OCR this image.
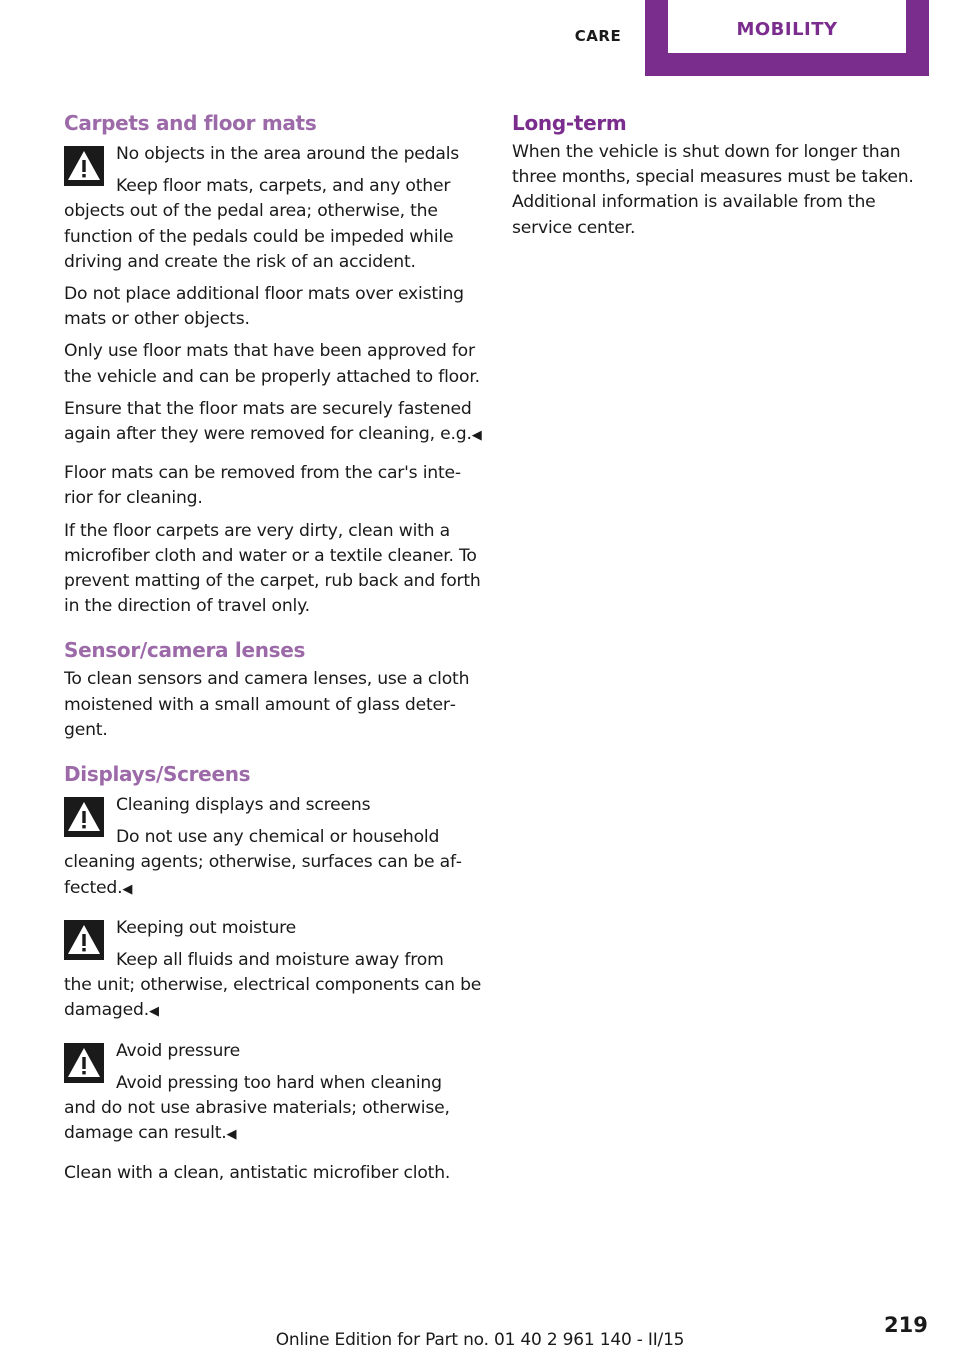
CARE	MOBILITY
Carpets and floor mats
No objects in the area around the pedals
Keep floor mats, carpets, and any other
objects out of the pedal area; otherwise, the function of the pedals could be impeded while driving and create the risk of an accident.

Do not place additional floor mats over existing mats or other objects.

Only use floor mats that have been approved for the vehicle and can be properly attached to floor.

Ensure that the floor mats are securely fastened again after they were removed for cleaning, e.g.◀

Floor mats can be removed from the car's inte‐ rior for cleaning.

If the floor carpets are very dirty, clean with a microfiber cloth and water or a textile cleaner. To prevent matting of the carpet, rub back and forth in the direction of travel only.

Sensor/camera lenses

To clean sensors and camera lenses, use a cloth moistened with a small amount of glass deter‐ gent.

Displays/Screens
Cleaning displays and screens
Do not use any chemical or household
cleaning agents; otherwise, surfaces can be af‐ fected.◀
Keeping out moisture
Keep all fluids and moisture away from
the unit; otherwise, electrical components can be damaged.◀
Avoid pressure
Avoid pressing too hard when cleaning
and do not use abrasive materials; otherwise, damage can result.◀

Clean with a clean, antistatic microfiber cloth.

Long-term

When the vehicle is shut down for longer than three months, special measures must be taken. Additional information is available from the service center.

Online Edition for Part no. 01 40 2 961 140 - II/15
219
